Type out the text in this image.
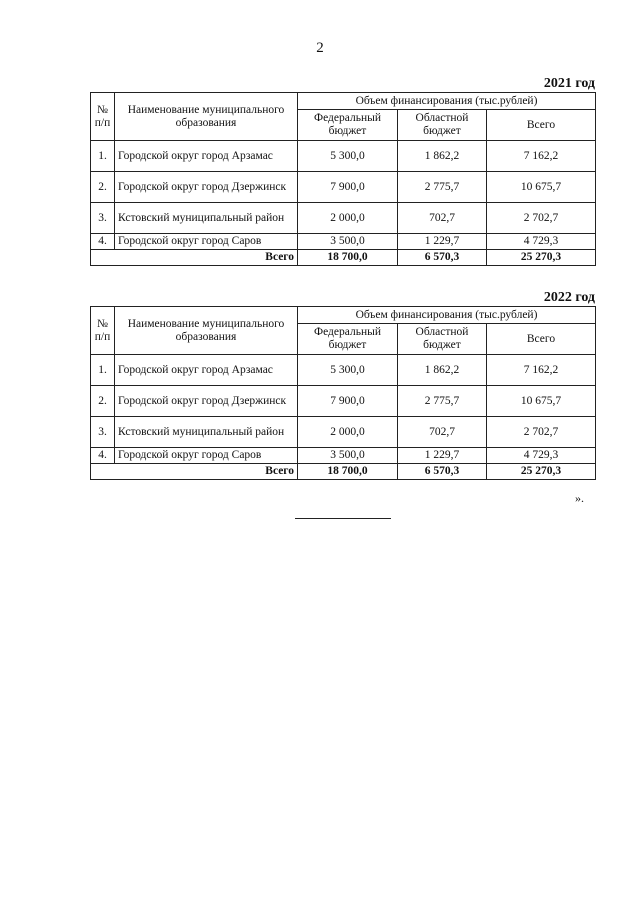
2
2021 год
№ п/п	Наименование муниципального образования	Объем финансирования (тыс.рублей)		
		Федеральный бюджет	Областной бюджет	Всего
1.	Городской округ город Арзамас	5 300,0	1 862,2	7 162,2
2.	Городской округ город Дзержинск	7 900,0	2 775,7	10 675,7
3.	Кстовский муниципальный район	2 000,0	702,7	2 702,7
4.	Городской округ город Саров	3 500,0	1 229,7	4 729,3
Всего		18 700,0	6 570,3	25 270,3
2022 год
№ п/п	Наименование муниципального образования	Объем финансирования (тыс.рублей)		
		Федеральный бюджет	Областной бюджет	Всего
1.	Городской округ город Арзамас	5 300,0	1 862,2	7 162,2
2.	Городской округ город Дзержинск	7 900,0	2 775,7	10 675,7
3.	Кстовский муниципальный район	2 000,0	702,7	2 702,7
4.	Городской округ город Саров	3 500,0	1 229,7	4 729,3
Всего		18 700,0	6 570,3	25 270,3
».
